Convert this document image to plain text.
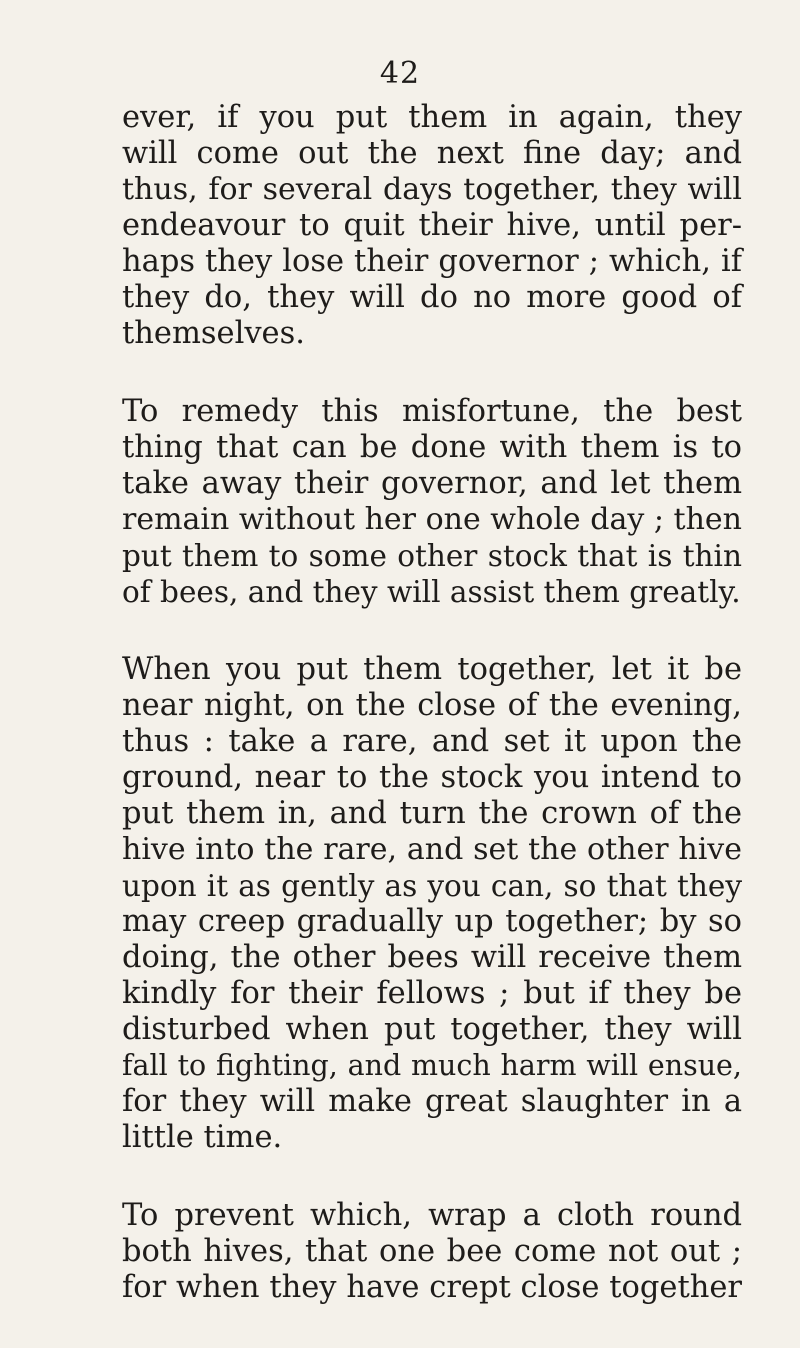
42
ever, if you put them in again, they
will come out the next fine day; and
thus, for several days together, they will
endeavour to quit their hive, until per-
haps they lose their governor ; which, if
they do, they will do no more good of
themselves.
To remedy this misfortune, the best
thing that can be done with them is to
take away their governor, and let them
remain without her one whole day ; then
put them to some other stock that is thin
of bees, and they will assist them greatly.
When you put them together, let it be
near night, on the close of the evening,
thus : take a rare, and set it upon the
ground, near to the stock you intend to
put them in, and turn the crown of the
hive into the rare, and set the other hive
upon it as gently as you can, so that they
may creep gradually up together; by so
doing, the other bees will receive them
kindly for their fellows ; but if they be
disturbed when put together, they will
fall to fighting, and much harm will ensue,
for they will make great slaughter in a
little time.
To prevent which, wrap a cloth round
both hives, that one bee come not out ;
for when they have crept close together
